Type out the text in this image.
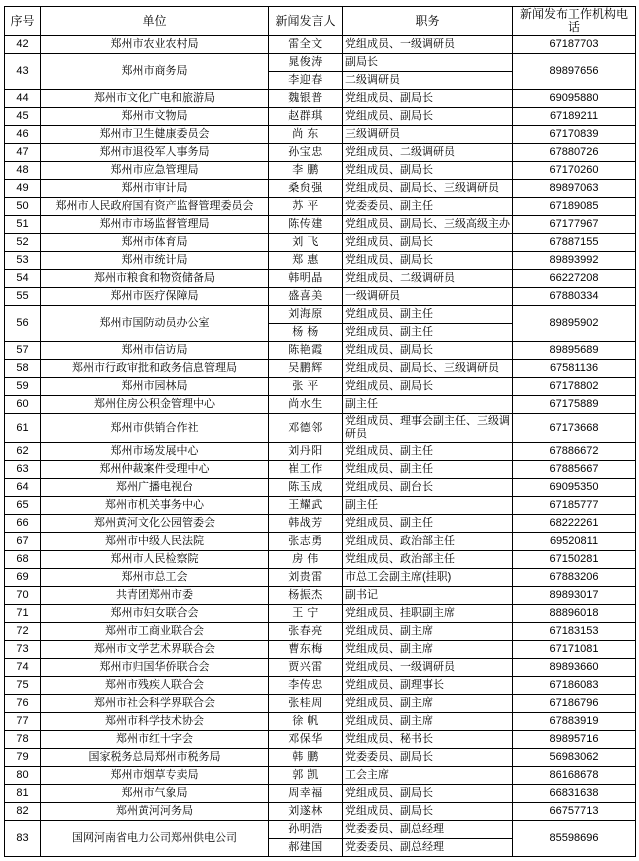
序号	单位	新闻发言人	职务	新闻发布工作机构电话
42	郑州市农业农村局	雷全文	党组成员、一级调研员	67187703
43	郑州市商务局	晁俊涛	副局长	89897656
		李迎春	二级调研员	
44	郑州市文化广电和旅游局	魏银普	党组成员、副局长	69095880
45	郑州市文物局	赵群琪	党组成员、副局长	67189211
46	郑州市卫生健康委员会	尚 东	三级调研员	67170839
47	郑州市退役军人事务局	孙宝忠	党组成员、二级调研员	67880726
48	郑州市应急管理局	李 鹏	党组成员、副局长	67170260
49	郑州市审计局	桑贠强	党组成员、副局长、三级调研员	89897063
50	郑州市人民政府国有资产监督管理委员会	苏 平	党委委员、副主任	67189085
51	郑州市市场监督管理局	陈传建	党组成员、副局长、三级高级主办	67177967
52	郑州市体育局	刘 飞	党组成员、副局长	67887155
53	郑州市统计局	郑 惠	党组成员、副局长	89893992
54	郑州市粮食和物资储备局	韩明晶	党组成员、二级调研员	66227208
55	郑州市医疗保障局	盛喜美	一级调研员	67880334
56	郑州市国防动员办公室	刘海原	党组成员、副主任	89895902
		杨 杨	党组成员、副主任	
57	郑州市信访局	陈艳霞	党组成员、副局长	89895689
58	郑州市行政审批和政务信息管理局	吴鹏辉	党组成员、副局长、三级调研员	67581136
59	郑州市园林局	张 平	党组成员、副局长	67178802
60	郑州住房公积金管理中心	尚水生	副主任	67175889
61	郑州市供销合作社	邓德邻	党组成员、理事会副主任、三级调研员	67173668
62	郑州市场发展中心	刘丹阳	党组成员、副主任	67886672
63	郑州仲裁案件受理中心	崔工作	党组成员、副主任	67885667
64	郑州广播电视台	陈玉成	党组成员、副台长	69095350
65	郑州市机关事务中心	王耀武	副主任	67185777
66	郑州黄河文化公园管委会	韩战芳	党组成员、副主任	68222261
67	郑州市中级人民法院	张志勇	党组成员、政治部主任	69520811
68	郑州市人民检察院	房 伟	党组成员、政治部主任	67150281
69	郑州市总工会	刘贵雷	市总工会副主席(挂职)	67883206
70	共青团郑州市委	杨振杰	副书记	89893017
71	郑州市妇女联合会	王 宁	党组成员、挂职副主席	88896018
72	郑州市工商业联合会	张春亮	党组成员、副主席	67183153
73	郑州市文学艺术界联合会	曹东梅	党组成员、副主席	67171081
74	郑州市归国华侨联合会	贾兴雷	党组成员、一级调研员	89893660
75	郑州市残疾人联合会	李传忠	党组成员、副理事长	67186083
76	郑州市社会科学界联合会	张桂周	党组成员、副主席	67186796
77	郑州市科学技术协会	徐 帆	党组成员、副主席	67883919
78	郑州市红十字会	邓保华	党组成员、秘书长	89895716
79	国家税务总局郑州市税务局	韩 鹏	党委委员、副局长	56983062
80	郑州市烟草专卖局	郭 凯	工会主席	86168678
81	郑州市气象局	周幸福	党组成员、副局长	66831638
82	郑州黄河河务局	刘遂林	党组成员、副局长	66757713
83	国网河南省电力公司郑州供电公司	孙明浩	党委委员、副总经理	85598696
		郝建国	党委委员、副总经理	
